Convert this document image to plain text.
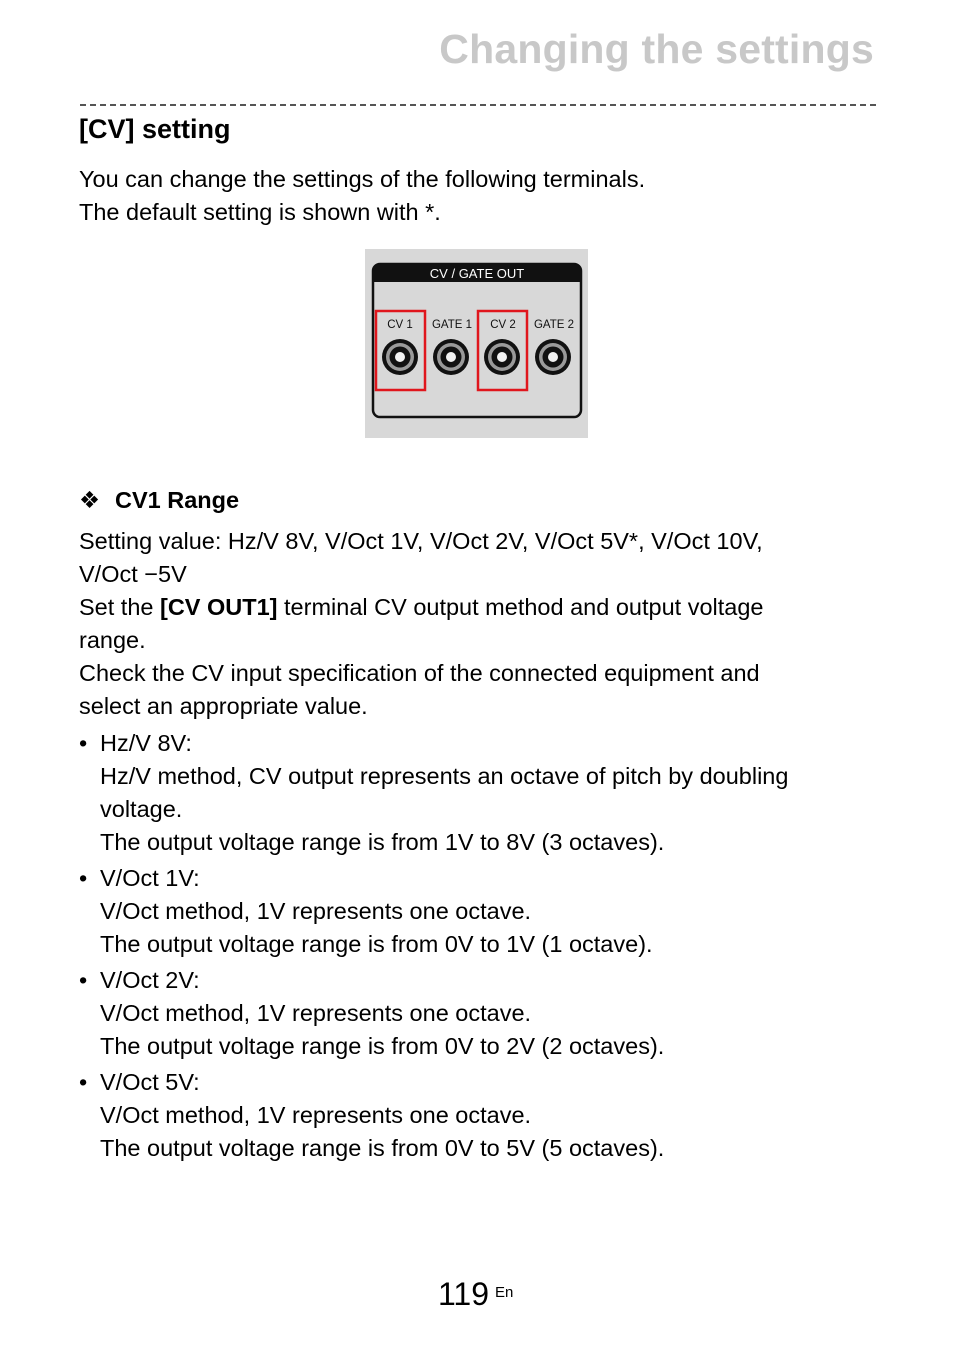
Changing the settings
[CV] setting
You can change the settings of the following terminals.
The default setting is shown with *.
CV / GATE OUT
CV 1 GATE 1 CV 2 GATE 2
❖ CV1 Range
Setting value: Hz/V 8V, V/Oct 1V, V/Oct 2V, V/Oct 5V*, V/Oct 10V,
V/Oct −5V
Set the [CV OUT1] terminal CV output method and output voltage
range.
Check the CV input specification of the connected equipment and
select an appropriate value.
• Hz/V 8V:
Hz/V method, CV output represents an octave of pitch by doubling
voltage.
The output voltage range is from 1V to 8V (3 octaves).
• V/Oct 1V:
V/Oct method, 1V represents one octave.
The output voltage range is from 0V to 1V (1 octave).
• V/Oct 2V:
V/Oct method, 1V represents one octave.
The output voltage range is from 0V to 2V (2 octaves).
• V/Oct 5V:
V/Oct method, 1V represents one octave.
The output voltage range is from 0V to 5V (5 octaves).
119 En
